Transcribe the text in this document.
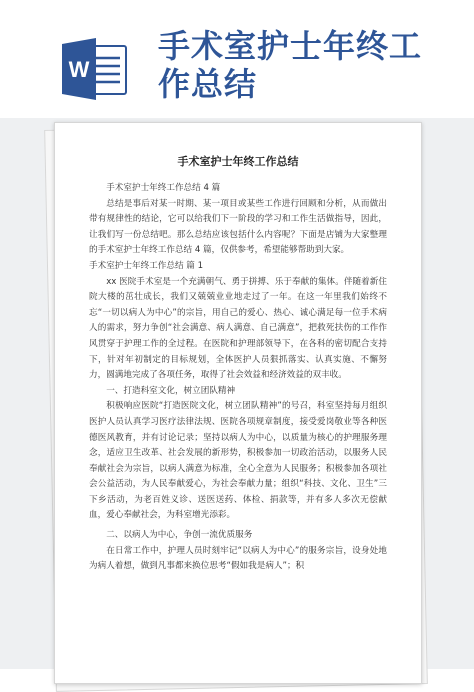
W
手术室护士年终工
作总结
手术室护士年终工作总结

手术室护士年终工作总结 4 篇

总结是事后对某一时期、某一项目或某些工作进行回顾和分析，从而做出带有规律性的结论，它可以给我们下一阶段的学习和工作生活做指导，因此，让我们写一份总结吧。那么总结应该包括什么内容呢？下面是店铺为大家整理的手术室护士年终工作总结 4 篇，仅供参考，希望能够帮助到大家。

手术室护士年终工作总结 篇 1

xx 医院手术室是一个充满朝气、勇于拼搏、乐于奉献的集体。伴随着新住院大楼的茁壮成长，我们又兢兢业业地走过了一年。在这一年里我们始终不忘“一切以病人为中心”的宗旨，用自己的爱心、热心、诚心满足每一位手术病人的需求，努力争创“社会满意、病人满意、自己满意”，把救死扶伤的工作作风贯穿于护理工作的全过程。在医院和护理部领导下，在各科的密切配合支持下，针对年初制定的目标规划，全体医护人员狠抓落实、认真实施、不懈努力，圆满地完成了各项任务，取得了社会效益和经济效益的双丰收。

一、打造科室文化，树立团队精神

积极响应医院“打造医院文化，树立团队精神”的号召，科室坚持每月组织医护人员认真学习医疗法律法规、医院各项规章制度，接受爱岗敬业等各种医德医风教育，并有讨论记录；坚持以病人为中心，以质量为核心的护理服务理念，适应卫生改革、社会发展的新形势，积极参加一切政治活动，以服务人民奉献社会为宗旨，以病人满意为标准，全心全意为人民服务；积极参加各项社会公益活动，为人民奉献爱心，为社会奉献力量；组织“科技、文化、卫生”三下乡活动，为老百姓义诊、送医送药、体检、捐款等，并有多人多次无偿献血，爱心奉献社会，为科室增光添彩。

二、以病人为中心，争创一流优质服务

在日常工作中，护理人员时刻牢记“以病人为中心”的服务宗旨，设身处地为病人着想，做到凡事都来换位思考“假如我是病人”；积
